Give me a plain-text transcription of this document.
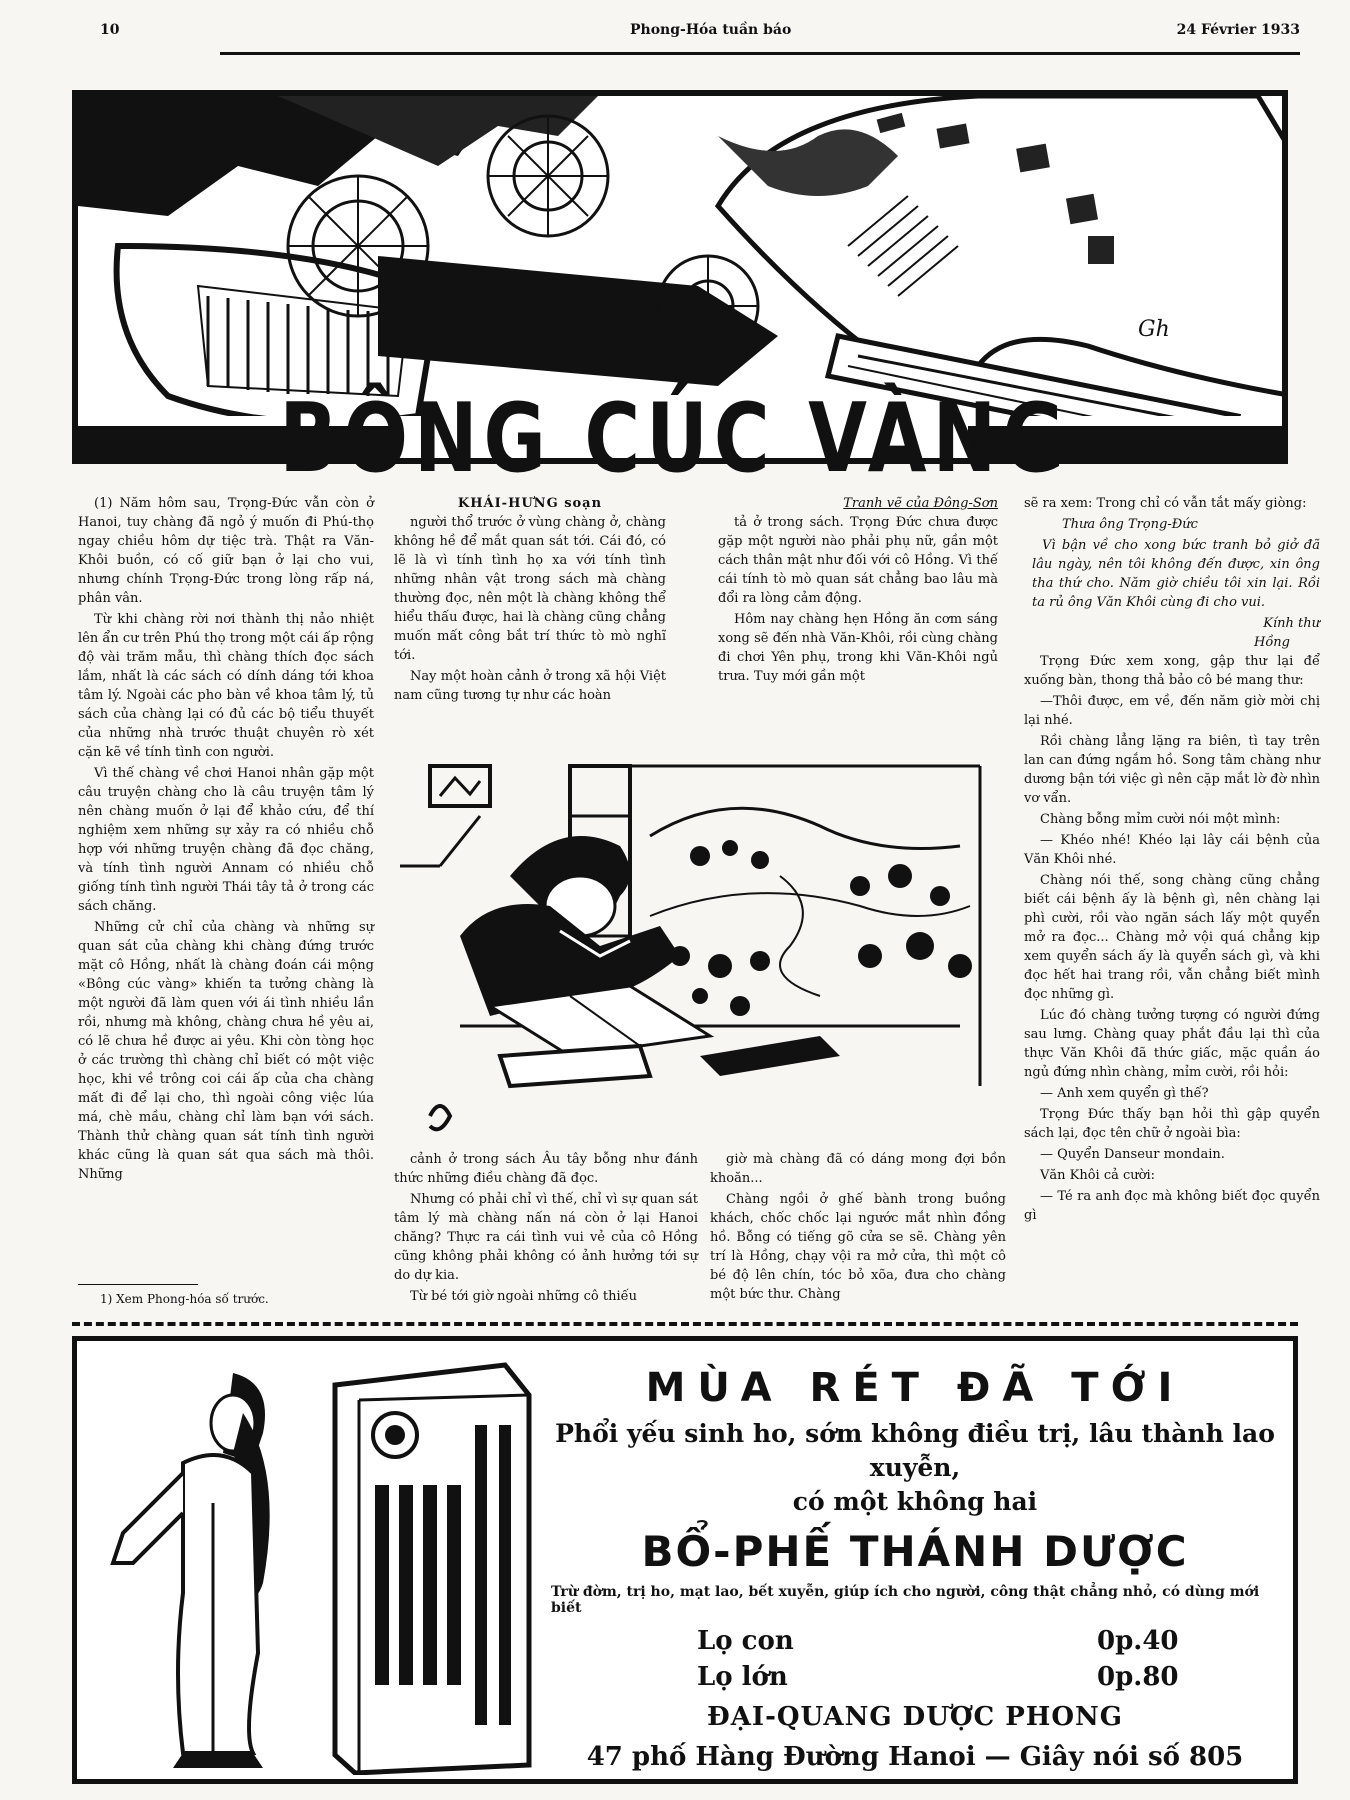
10	Phong-Hóa tuần báo	24 Février 1933
Gh
BÔNG CÚC VÀNG

(1) Năm hôm sau, Trọng-Đức vẫn còn ở Hanoi, tuy chàng đã ngỏ ý muốn đi Phú-thọ ngay chiều hôm dự tiệc trà. Thật ra Văn-Khôi buồn, có cố giữ bạn ở lại cho vui, nhưng chính Trọng-Đức trong lòng rấp ná, phân vân.

Từ khi chàng rời nơi thành thị nảo nhiệt lên ẩn cư trên Phú thọ trong một cái ấp rộng độ vài trăm mẫu, thì chàng thích đọc sách lắm, nhất là các sách có dính dáng tới khoa tâm lý. Ngoài các pho bàn về khoa tâm lý, tủ sách của chàng lại có đủ các bộ tiểu thuyết của những nhà trước thuật chuyên rò xét cặn kẽ về tính tình con người.

Vì thế chàng về chơi Hanoi nhân gặp một câu truyện chàng cho là câu truyện tâm lý nên chàng muốn ở lại để khảo cứu, để thí nghiệm xem những sự xảy ra có nhiều chỗ hợp với những truyện chàng đã đọc chăng, và tính tình người Annam có nhiều chỗ giống tính tình người Thái tây tả ở trong các sách chăng.

Những cử chỉ của chàng và những sự quan sát của chàng khi chàng đứng trước mặt cô Hồng, nhất là chàng đoán cái mộng «Bông cúc vàng» khiến ta tưởng chàng là một người đã làm quen với ái tình nhiều lần rồi, nhưng mà không, chàng chưa hề yêu ai, có lẽ chưa hề được ai yêu. Khi còn tòng học ở các trường thì chàng chỉ biết có một việc học, khi về trông coi cái ấp của cha chàng mất đi để lại cho, thì ngoài công việc lúa má, chè mầu, chàng chỉ làm bạn với sách. Thành thử chàng quan sát tính tình người khác cũng là quan sát qua sách mà thôi. Những

1) Xem Phong-hóa số trước.
KHÁI-HƯNG soạn

người thổ trước ở vùng chàng ở, chàng không hề để mắt quan sát tới. Cái đó, có lẽ là vì tính tình họ xa với tính tình những nhân vật trong sách mà chàng thường đọc, nên một là chàng không thể hiểu thấu được, hai là chàng cũng chẳng muốn mất công bắt trí thức tò mò nghĩ tới.

Nay một hoàn cảnh ở trong xã hội Việt nam cũng tương tự như các hoàn

Tranh vẽ của Đông-Sơn

tả ở trong sách. Trọng Đức chưa được gặp một người nào phải phụ nữ, gần một cách thân mật như đối với cô Hồng. Vì thế cái tính tò mò quan sát chẳng bao lâu mà đổi ra lòng cảm động.

Hôm nay chàng hẹn Hồng ăn cơm sáng xong sẽ đến nhà Văn-Khôi, rồi cùng chàng đi chơi Yên phụ, trong khi Văn-Khôi ngủ trưa. Tuy mới gần một

cảnh ở trong sách Âu tây bỗng như đánh thức những điều chàng đã đọc.

Nhưng có phải chỉ vì thế, chỉ vì sự quan sát tâm lý mà chàng nấn ná còn ở lại Hanoi chăng? Thực ra cái tình vui vẻ của cô Hồng cũng không phải không có ảnh hưởng tới sự do dự kia.

Từ bé tới giờ ngoài những cô thiếu

giờ mà chàng đã có dáng mong đợi bồn khoăn...

Chàng ngồi ở ghế bành trong buồng khách, chốc chốc lại ngước mắt nhìn đồng hồ. Bỗng có tiếng gõ cửa se sẽ. Chàng yên trí là Hồng, chạy vội ra mở cửa, thì một cô bé độ lên chín, tóc bỏ xõa, đưa cho chàng một bức thư. Chàng

sẽ ra xem: Trong chỉ có vẫn tắt mấy giòng:

Thưa ông Trọng-Đức

Vì bận về cho xong bức tranh bỏ giở đã lâu ngày, nên tôi không đến được, xin ông tha thứ cho. Năm giờ chiều tôi xin lại. Rồi ta rủ ông Văn Khôi cùng đi cho vui.

Kính thư
Hồng

Trọng Đức xem xong, gập thư lại để xuống bàn, thong thả bảo cô bé mang thư:

—Thôi được, em về, đến năm giờ mời chị lại nhé.

Rồi chàng lẳng lặng ra biên, tì tay trên lan can đứng ngắm hồ. Song tâm chàng như dương bận tới việc gì nên cặp mắt lờ đờ nhìn vơ vẩn.

Chàng bỗng mỉm cười nói một mình:

— Khéo nhé! Khéo lại lây cái bệnh của Văn Khôi nhé.

Chàng nói thế, song chàng cũng chẳng biết cái bệnh ấy là bệnh gì, nên chàng lại phì cười, rồi vào ngăn sách lấy một quyển mở ra đọc... Chàng mở vội quá chẳng kịp xem quyển sách ấy là quyển sách gì, và khi đọc hết hai trang rồi, vẫn chẳng biết mình đọc những gì.

Lúc đó chàng tưởng tượng có người đứng sau lưng. Chàng quay phắt đầu lại thì của thực Văn Khôi đã thức giấc, mặc quần áo ngủ đứng nhìn chàng, mỉm cười, rồi hỏi:

— Anh xem quyển gì thế?

Trọng Đức thấy bạn hỏi thì gập quyển sách lại, đọc tên chữ ở ngoài bìa:

— Quyển Danseur mondain.

Văn Khôi cả cười:

— Té ra anh đọc mà không biết đọc quyển gì

MÙA RÉT ĐÃ TỚI
Phổi yếu sinh ho, sớm không điều trị, lâu thành lao xuyễn,
có một không hai
BỔ-PHẾ THÁNH DƯỢC
Trừ đờm, trị ho, mạt lao, bết xuyễn, giúp ích cho người, công thật chẳng nhỏ, có dùng mới biết
Lọ con	0p.40
Lọ lớn	0p.80
ĐẠI-QUANG DƯỢC PHONG
47 phố Hàng Đường Hanoi — Giây nói số 805
